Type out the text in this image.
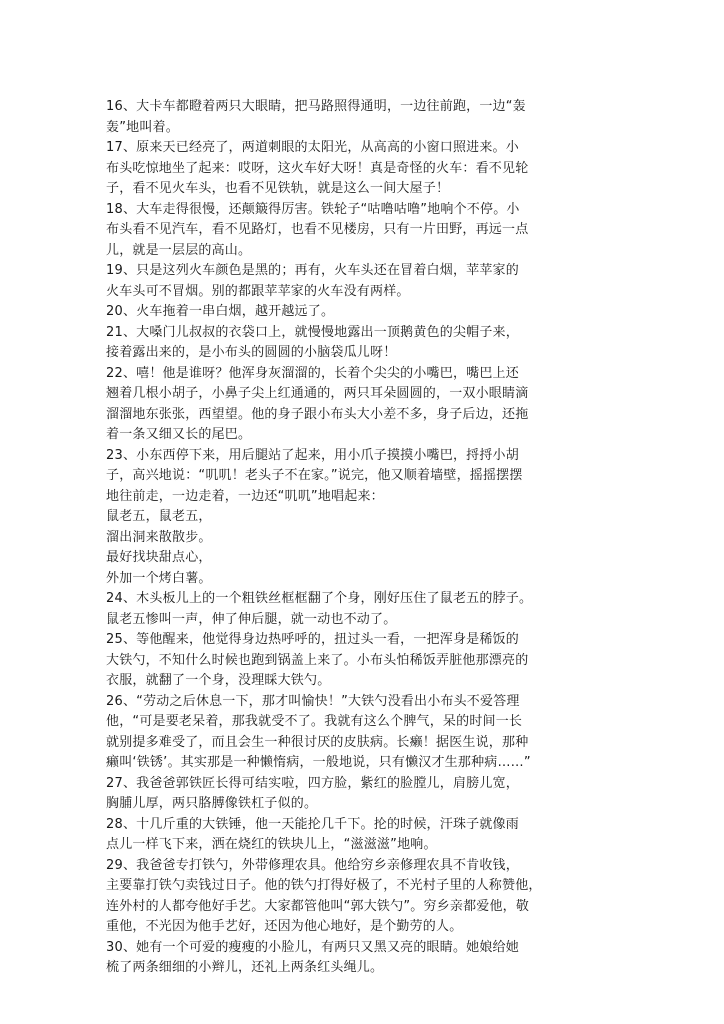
16、大卡车都瞪着两只大眼睛，把马路照得通明，一边往前跑，一边“轰
轰”地叫着。
17、原来天已经亮了，两道刺眼的太阳光，从高高的小窗口照进来。小
布头吃惊地坐了起来：哎呀，这火车好大呀！真是奇怪的火车：看不见轮
子，看不见火车头，也看不见铁轨，就是这么一间大屋子！
18、大车走得很慢，还颠簸得厉害。铁轮子“咕噜咕噜”地响个不停。小
布头看不见汽车，看不见路灯，也看不见楼房，只有一片田野，再远一点
儿，就是一层层的高山。
19、只是这列火车颜色是黑的；再有，火车头还在冒着白烟，苹苹家的
火车头可不冒烟。别的都跟苹苹家的火车没有两样。
20、火车拖着一串白烟，越开越远了。
21、大嗓门儿叔叔的衣袋口上，就慢慢地露出一顶鹅黄色的尖帽子来，
接着露出来的，是小布头的圆圆的小脑袋瓜儿呀！
22、嘻！他是谁呀？他浑身灰溜溜的，长着个尖尖的小嘴巴，嘴巴上还
翘着几根小胡子，小鼻子尖上红通通的，两只耳朵圆圆的，一双小眼睛滴
溜溜地东张张，西望望。他的身子跟小布头大小差不多，身子后边，还拖
着一条又细又长的尾巴。
23、小东西停下来，用后腿站了起来，用小爪子摸摸小嘴巴，捋捋小胡
子，高兴地说：“叽叽！老头子不在家。”说完，他又顺着墙壁，摇摇摆摆
地往前走，一边走着，一边还“叽叽”地唱起来：
鼠老五，鼠老五，
溜出洞来散散步。
最好找块甜点心，
外加一个烤白薯。
24、木头板儿上的一个粗铁丝框框翻了个身，刚好压住了鼠老五的脖子。
鼠老五惨叫一声，伸了伸后腿，就一动也不动了。
25、等他醒来，他觉得身边热呼呼的，扭过头一看，一把浑身是稀饭的
大铁勺，不知什么时候也跑到锅盖上来了。小布头怕稀饭弄脏他那漂亮的
衣服，就翻了一个身，没理睬大铁勺。
26、“劳动之后休息一下，那才叫愉快！”大铁勺没看出小布头不爱答理
他，“可是要老呆着，那我就受不了。我就有这么个脾气，呆的时间一长
就别提多难受了，而且会生一种很讨厌的皮肤病。长癞！据医生说，那种
癞叫‘铁锈’。其实那是一种懒惰病，一般地说，只有懒汉才生那种病……”
27、我爸爸郭铁匠长得可结实啦，四方脸，紫红的脸膛儿，肩膀儿宽，
胸脯儿厚，两只胳膊像铁杠子似的。
28、十几斤重的大铁锤，他一天能抡几千下。抡的时候，汗珠子就像雨
点儿一样飞下来，洒在烧红的铁块儿上，“滋滋滋”地响。
29、我爸爸专打铁勺，外带修理农具。他给穷乡亲修理农具不肯收钱，
主要靠打铁勺卖钱过日子。他的铁勺打得好极了，不光村子里的人称赞他，
连外村的人都夸他好手艺。大家都管他叫“郭大铁勺”。穷乡亲都爱他，敬
重他，不光因为他手艺好，还因为他心地好，是个勤劳的人。
30、她有一个可爱的瘦瘦的小脸儿，有两只又黑又亮的眼睛。她娘给她
梳了两条细细的小辫儿，还礼上两条红头绳儿。
